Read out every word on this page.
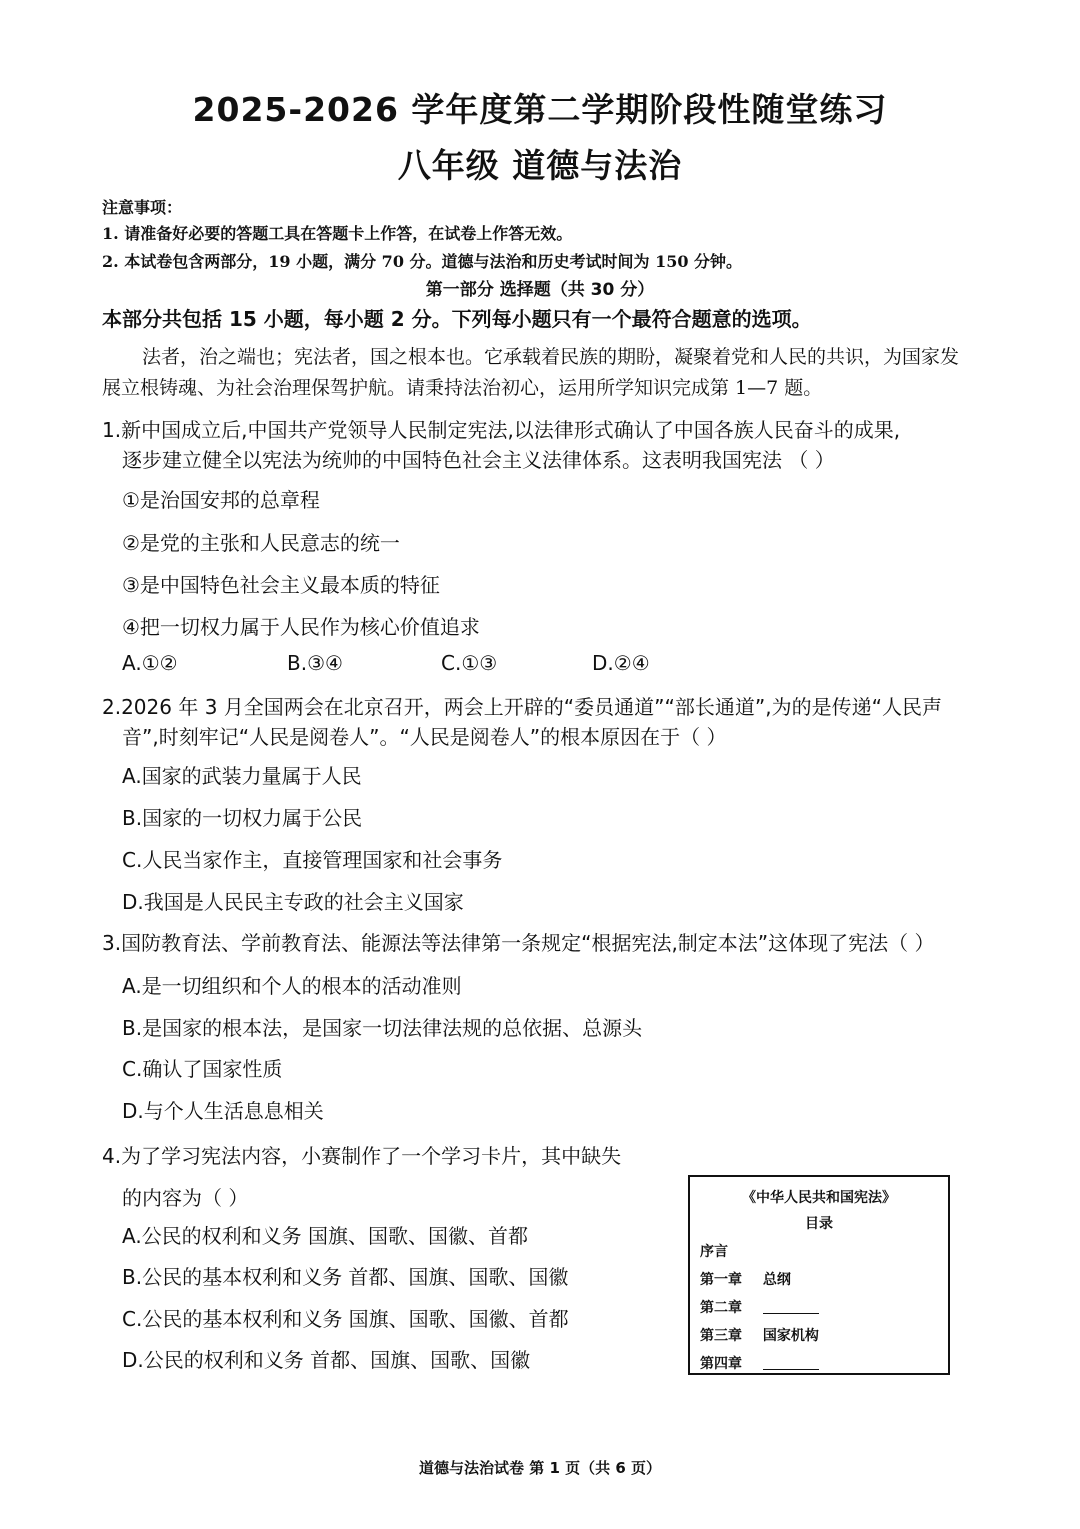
2025-2026 学年度第二学期阶段性随堂练习
八年级 道德与法治
注意事项：
1. 请准备好必要的答题工具在答题卡上作答，在试卷上作答无效。
2. 本试卷包含两部分，19 小题，满分 70 分。道德与法治和历史考试时间为 150 分钟。
第一部分 选择题（共 30 分）
本部分共包括 15 小题，每小题 2 分。下列每小题只有一个最符合题意的选项。
法者，治之端也；宪法者，国之根本也。它承载着民族的期盼，凝聚着党和人民的共识，为国家发展立根铸魂、为社会治理保驾护航。请秉持法治初心，运用所学知识完成第 1—7 题。
1.新中国成立后,中国共产党领导人民制定宪法,以法律形式确认了中国各族人民奋斗的成果,
逐步建立健全以宪法为统帅的中国特色社会主义法律体系。这表明我国宪法 （ ）
①是治国安邦的总章程
②是党的主张和人民意志的统一
③是中国特色社会主义最本质的特征
④把一切权力属于人民作为核心价值追求
A.①②	B.③④	C.①③	D.②④
2.2026 年 3 月全国两会在北京召开，两会上开辟的“委员通道”“部长通道”,为的是传递“人民声
音”,时刻牢记“人民是阅卷人”。“人民是阅卷人”的根本原因在于（ ）
A.国家的武装力量属于人民
B.国家的一切权力属于公民
C.人民当家作主，直接管理国家和社会事务
D.我国是人民民主专政的社会主义国家
3.国防教育法、学前教育法、能源法等法律第一条规定“根据宪法,制定本法”这体现了宪法（ ）
A.是一切组织和个人的根本的活动准则
B.是国家的根本法，是国家一切法律法规的总依据、总源头
C.确认了国家性质
D.与个人生活息息相关
4.为了学习宪法内容，小赛制作了一个学习卡片，其中缺失
的内容为（ ）
A.公民的权利和义务 国旗、国歌、国徽、首都
B.公民的基本权利和义务 首都、国旗、国歌、国徽
C.公民的基本权利和义务 国旗、国歌、国徽、首都
D.公民的权利和义务 首都、国旗、国歌、国徽
《中华人民共和国宪法》
目录
序言
第一章 总纲
第二章
第三章 国家机构
第四章
道德与法治试卷 第 1 页（共 6 页）
